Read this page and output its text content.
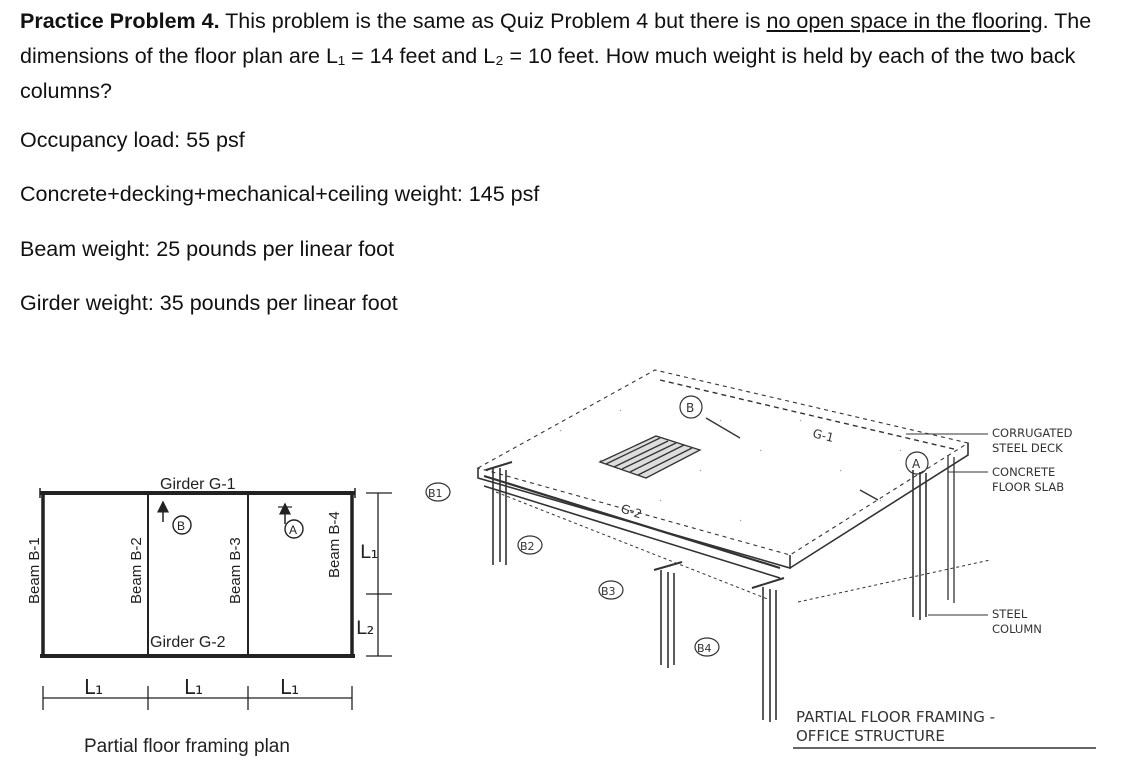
Practice Problem 4. This problem is the same as Quiz Problem 4 but there is no open space in the flooring. The dimensions of the floor plan are L₁ = 14 feet and L₂ = 10 feet. How much weight is held by each of the two back columns?

Occupancy load: 55 psf

Concrete+decking+mechanical+ceiling weight: 145 psf

Beam weight: 25 pounds per linear foot

Girder weight: 35 pounds per linear foot

Girder G-1
Girder G-2
Beam B-1	Beam B-2	Beam B-3	Beam B-4
B	A
L₁	L₁	L₁
L₁
L₂
Partial floor framing plan
B1
B2
B3
B4
B
A
G-1
G-2
CORRUGATED
STEEL DECK
CONCRETE
FLOOR SLAB
STEEL
COLUMN
PARTIAL FLOOR FRAMING -
OFFICE STRUCTURE
